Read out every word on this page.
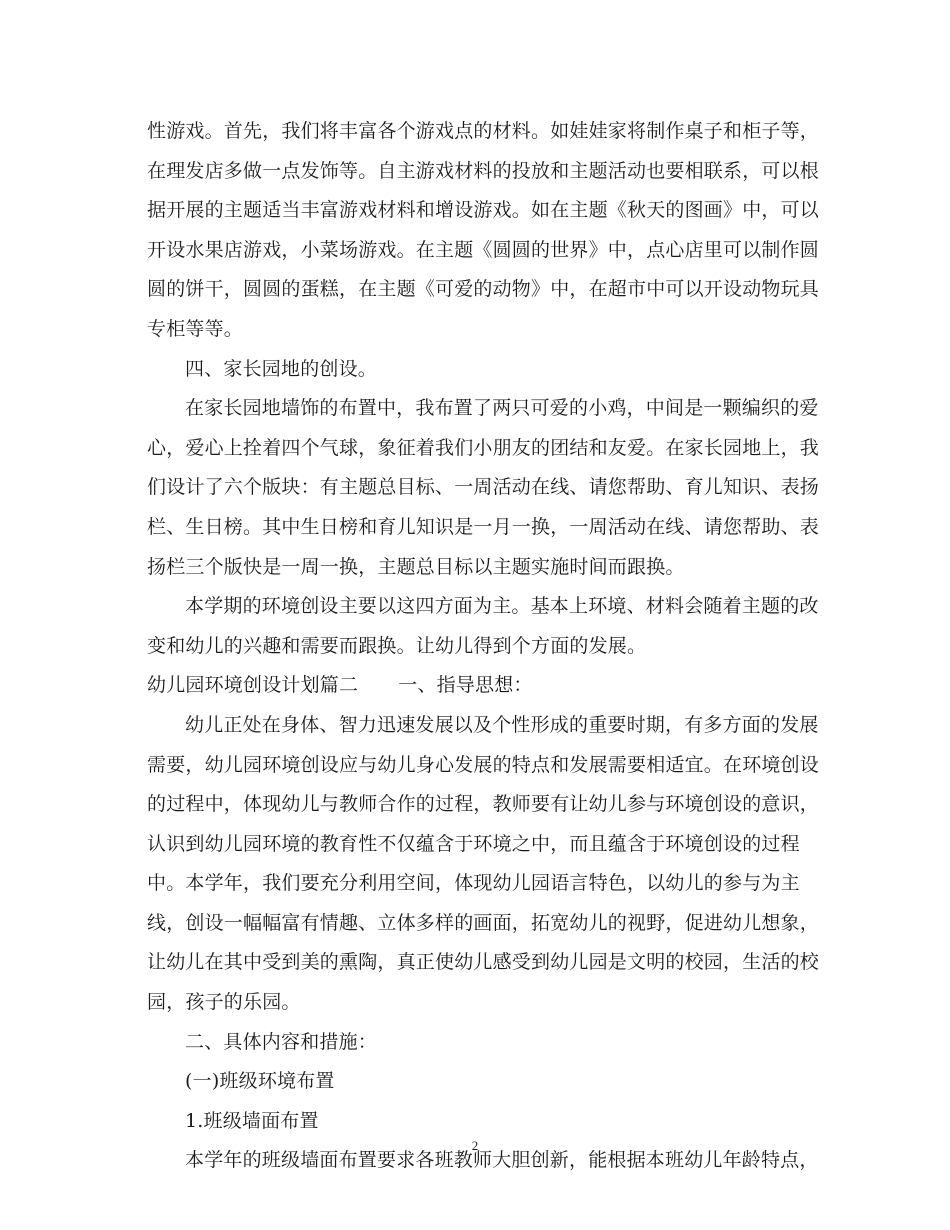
性游戏。首先，我们将丰富各个游戏点的材料。如娃娃家将制作桌子和柜子等，
在理发店多做一点发饰等。自主游戏材料的投放和主题活动也要相联系，可以根
据开展的主题适当丰富游戏材料和增设游戏。如在主题《秋天的图画》中，可以
开设水果店游戏，小菜场游戏。在主题《圆圆的世界》中，点心店里可以制作圆
圆的饼干，圆圆的蛋糕，在主题《可爱的动物》中，在超市中可以开设动物玩具
专柜等等。
四、家长园地的创设。
在家长园地墙饰的布置中，我布置了两只可爱的小鸡，中间是一颗编织的爱
心，爱心上拴着四个气球，象征着我们小朋友的团结和友爱。在家长园地上，我
们设计了六个版块：有主题总目标、一周活动在线、请您帮助、育儿知识、表扬
栏、生日榜。其中生日榜和育儿知识是一月一换，一周活动在线、请您帮助、表
扬栏三个版快是一周一换，主题总目标以主题实施时间而跟换。
本学期的环境创设主要以这四方面为主。基本上环境、材料会随着主题的改
变和幼儿的兴趣和需要而跟换。让幼儿得到个方面的发展。
幼儿园环境创设计划篇二 一、指导思想：
幼儿正处在身体、智力迅速发展以及个性形成的重要时期，有多方面的发展
需要，幼儿园环境创设应与幼儿身心发展的特点和发展需要相适宜。在环境创设
的过程中，体现幼儿与教师合作的过程，教师要有让幼儿参与环境创设的意识，
认识到幼儿园环境的教育性不仅蕴含于环境之中，而且蕴含于环境创设的过程
中。本学年，我们要充分利用空间，体现幼儿园语言特色，以幼儿的参与为主
线，创设一幅幅富有情趣、立体多样的画面，拓宽幼儿的视野，促进幼儿想象，
让幼儿在其中受到美的熏陶，真正使幼儿感受到幼儿园是文明的校园，生活的校
园，孩子的乐园。
二、具体内容和措施：
(一)班级环境布置
1.班级墙面布置
本学年的班级墙面布置要求各班教师大胆创新，能根据本班幼儿年龄特点，
2
